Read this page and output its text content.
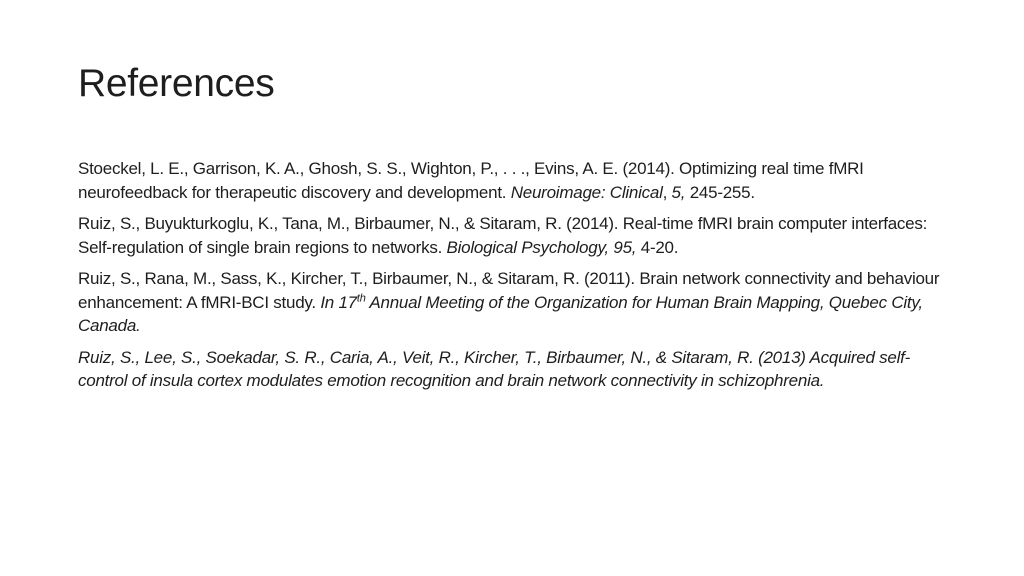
References
Stoeckel, L. E., Garrison, K. A., Ghosh, S. S., Wighton, P., . . ., Evins, A. E. (2014). Optimizing real time fMRI neurofeedback for therapeutic discovery and development. Neuroimage: Clinical, 5, 245-255.
Ruiz, S., Buyukturkoglu, K., Tana, M., Birbaumer, N., & Sitaram, R. (2014). Real-time fMRI brain computer interfaces: Self-regulation of single brain regions to networks. Biological Psychology, 95, 4-20.
Ruiz, S., Rana, M., Sass, K., Kircher, T., Birbaumer, N., & Sitaram, R. (2011). Brain network connectivity and behaviour enhancement: A fMRI-BCI study. In 17th Annual Meeting of the Organization for Human Brain Mapping, Quebec City, Canada.
Ruiz, S., Lee, S., Soekadar, S. R., Caria, A., Veit, R., Kircher, T., Birbaumer, N., & Sitaram, R. (2013) Acquired self-control of insula cortex modulates emotion recognition and brain network connectivity in schizophrenia.
